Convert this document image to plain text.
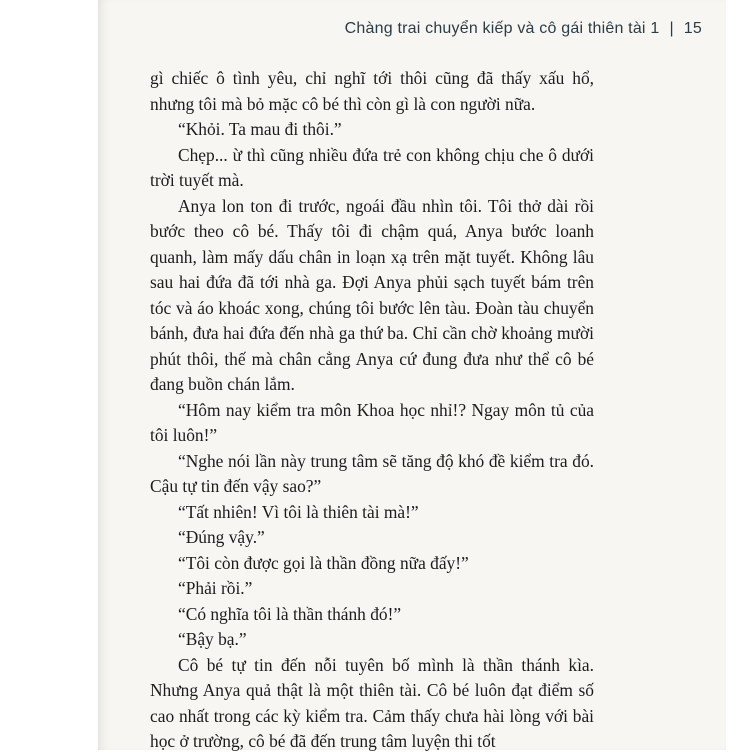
Chàng trai chuyển kiếp và cô gái thiên tài 1 | 15

gì chiếc ô tình yêu, chỉ nghĩ tới thôi cũng đã thấy xấu hổ, nhưng tôi mà bỏ mặc cô bé thì còn gì là con người nữa.

“Khỏi. Ta mau đi thôi.”

Chẹp... ừ thì cũng nhiều đứa trẻ con không chịu che ô dưới trời tuyết mà.

Anya lon ton đi trước, ngoái đầu nhìn tôi. Tôi thở dài rồi bước theo cô bé. Thấy tôi đi chậm quá, Anya bước loanh quanh, làm mấy dấu chân in loạn xạ trên mặt tuyết. Không lâu sau hai đứa đã tới nhà ga. Đợi Anya phủi sạch tuyết bám trên tóc và áo khoác xong, chúng tôi bước lên tàu. Đoàn tàu chuyển bánh, đưa hai đứa đến nhà ga thứ ba. Chỉ cần chờ khoảng mười phút thôi, thế mà chân cẳng Anya cứ đung đưa như thể cô bé đang buồn chán lắm.

“Hôm nay kiểm tra môn Khoa học nhỉ!? Ngay môn tủ của tôi luôn!”

“Nghe nói lần này trung tâm sẽ tăng độ khó đề kiểm tra đó. Cậu tự tin đến vậy sao?”

“Tất nhiên! Vì tôi là thiên tài mà!”

“Đúng vậy.”

“Tôi còn được gọi là thần đồng nữa đấy!”

“Phải rồi.”

“Có nghĩa tôi là thần thánh đó!”

“Bậy bạ.”

Cô bé tự tin đến nỗi tuyên bố mình là thần thánh kìa. Nhưng Anya quả thật là một thiên tài. Cô bé luôn đạt điểm số cao nhất trong các kỳ kiểm tra. Cảm thấy chưa hài lòng với bài học ở trường, cô bé đã đến trung tâm luyện thi tốt
